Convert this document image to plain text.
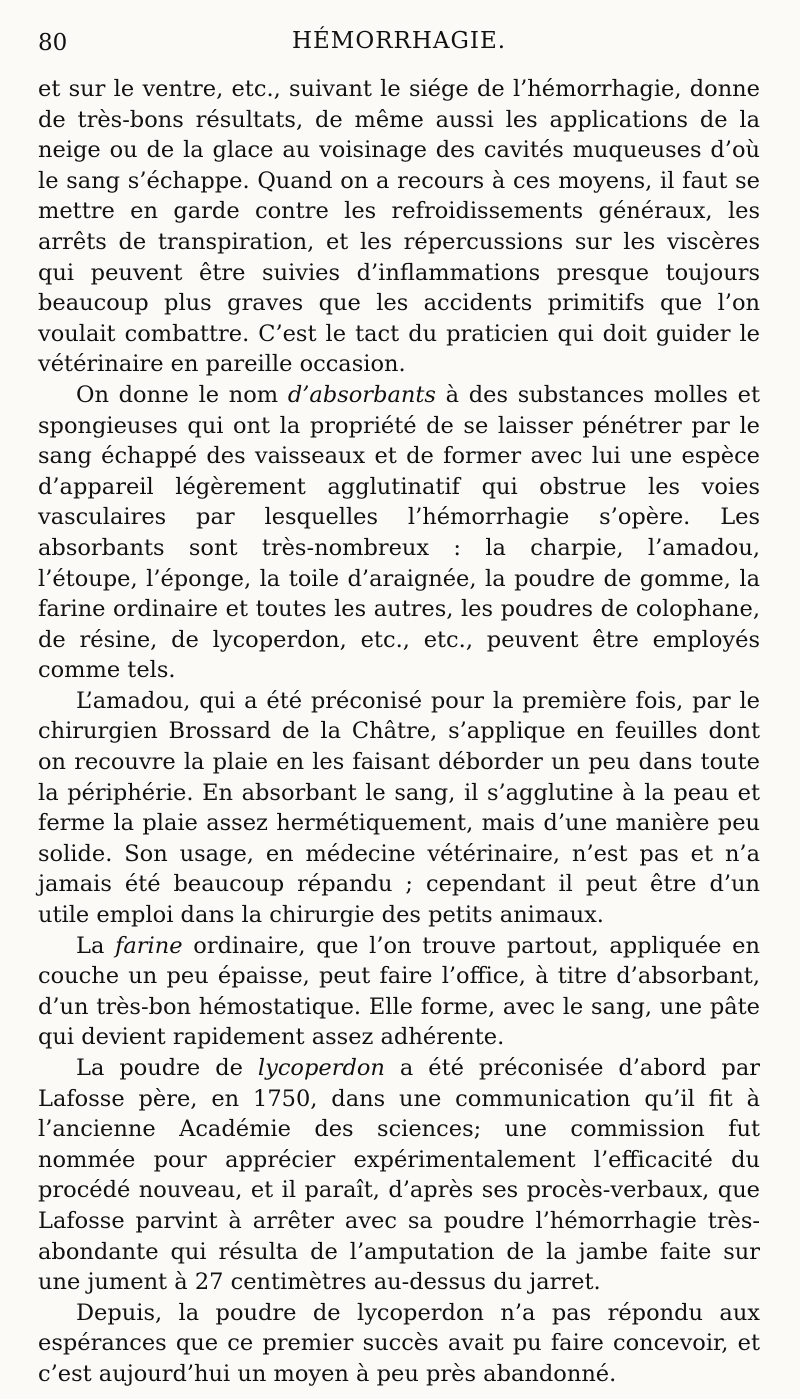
80	HÉMORRHAGIE.

et sur le ventre, etc., suivant le siége de l’hémorrhagie, donne de très-bons résultats, de même aussi les applications de la neige ou de la glace au voisinage des cavités muqueuses d’où le sang s’échappe. Quand on a recours à ces moyens, il faut se mettre en garde contre les refroidissements généraux, les arrêts de transpiration, et les répercussions sur les viscères qui peuvent être suivies d’inflammations presque toujours beaucoup plus graves que les accidents primitifs que l’on voulait combattre. C’est le tact du praticien qui doit guider le vétérinaire en pareille occasion.

On donne le nom d’absorbants à des substances molles et spongieuses qui ont la propriété de se laisser pénétrer par le sang échappé des vaisseaux et de former avec lui une espèce d’appareil légèrement agglutinatif qui obstrue les voies vasculaires par lesquelles l’hémorrhagie s’opère. Les absorbants sont très-nombreux : la charpie, l’amadou, l’étoupe, l’éponge, la toile d’araignée, la poudre de gomme, la farine ordinaire et toutes les autres, les poudres de colophane, de résine, de lycoperdon, etc., etc., peuvent être employés comme tels.

L’amadou, qui a été préconisé pour la première fois, par le chirurgien Brossard de la Châtre, s’applique en feuilles dont on recouvre la plaie en les faisant déborder un peu dans toute la périphérie. En absorbant le sang, il s’agglutine à la peau et ferme la plaie assez hermétiquement, mais d’une manière peu solide. Son usage, en médecine vétérinaire, n’est pas et n’a jamais été beaucoup répandu ; cependant il peut être d’un utile emploi dans la chirurgie des petits animaux.

La farine ordinaire, que l’on trouve partout, appliquée en couche un peu épaisse, peut faire l’office, à titre d’absorbant, d’un très-bon hémostatique. Elle forme, avec le sang, une pâte qui devient rapidement assez adhérente.

La poudre de lycoperdon a été préconisée d’abord par Lafosse père, en 1750, dans une communication qu’il fit à l’ancienne Académie des sciences; une commission fut nommée pour apprécier expérimentalement l’efficacité du procédé nouveau, et il paraît, d’après ses procès-verbaux, que Lafosse parvint à arrêter avec sa poudre l’hémorrhagie très-abondante qui résulta de l’amputation de la jambe faite sur une jument à 27 centimètres au-dessus du jarret.

Depuis, la poudre de lycoperdon n’a pas répondu aux espérances que ce premier succès avait pu faire concevoir, et c’est aujourd’hui un moyen à peu près abandonné.
